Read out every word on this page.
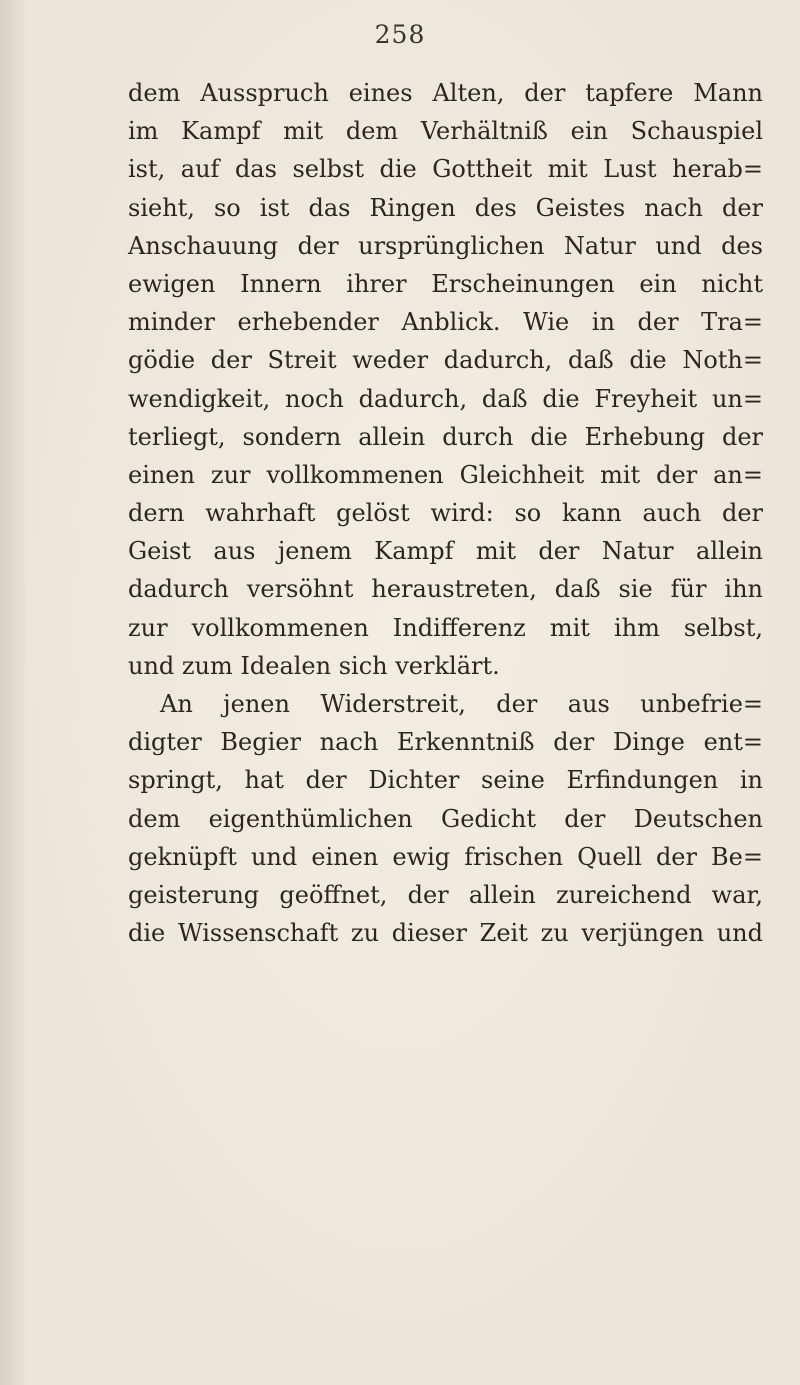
258
dem Ausspruch eines Alten, der tapfere Mann
im Kampf mit dem Verhältniß ein Schauspiel
ist, auf das selbst die Gottheit mit Lust herab=
sieht, so ist das Ringen des Geistes nach der
Anschauung der ursprünglichen Natur und des
ewigen Innern ihrer Erscheinungen ein nicht
minder erhebender Anblick. Wie in der Tra=
gödie der Streit weder dadurch, daß die Noth=
wendigkeit, noch dadurch, daß die Freyheit un=
terliegt, sondern allein durch die Erhebung der
einen zur vollkommenen Gleichheit mit der an=
dern wahrhaft gelöst wird: so kann auch der
Geist aus jenem Kampf mit der Natur allein
dadurch versöhnt heraustreten, daß sie für ihn
zur vollkommenen Indifferenz mit ihm selbst,
und zum Idealen sich verklärt.
An jenen Widerstreit, der aus unbefrie=
digter Begier nach Erkenntniß der Dinge ent=
springt, hat der Dichter seine Erfindungen in
dem eigenthümlichen Gedicht der Deutschen
geknüpft und einen ewig frischen Quell der Be=
geisterung geöffnet, der allein zureichend war,
die Wissenschaft zu dieser Zeit zu verjüngen und
